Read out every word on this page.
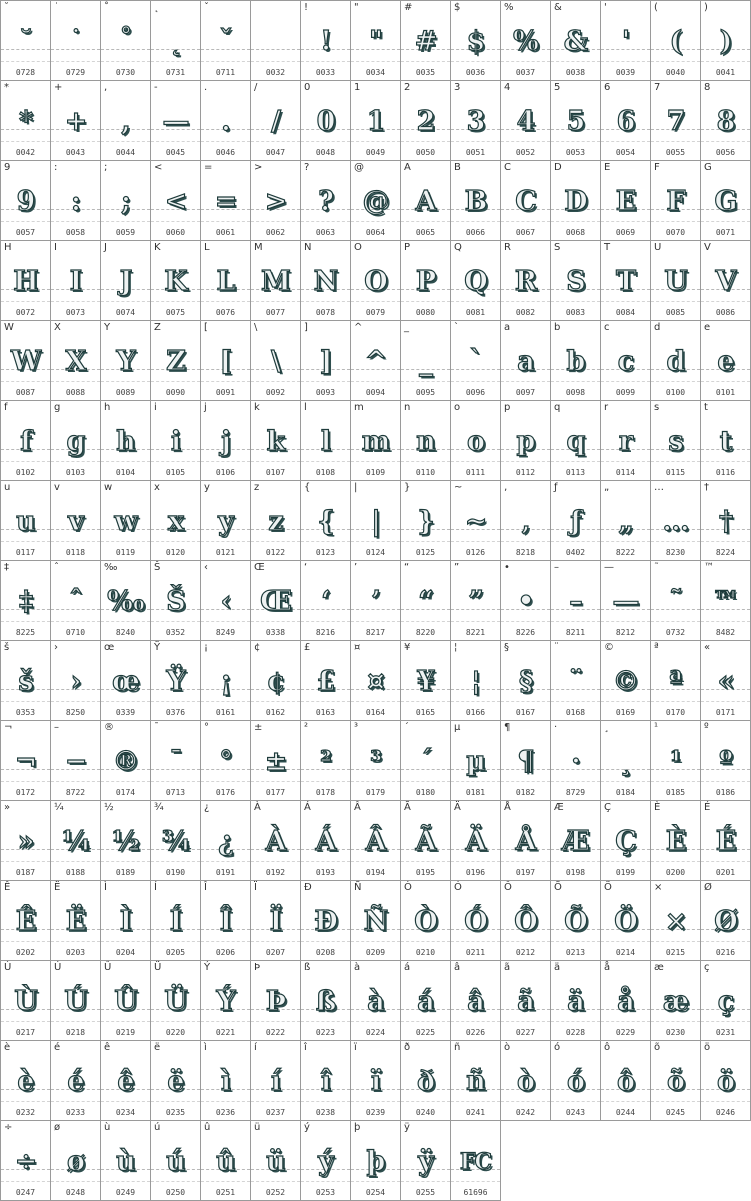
˘
˘
0728
˙
˙
0729
˚
˚
0730
˛
˛
0731
ˇ
ˇ
0711	0032
!
!
0033
"
"
0034
#
#
0035
$
$
0036
%
%
0037
&
&
0038
'
'
0039
(
(
0040
)
)
0041
*
*
0042
+
+
0043
,
,
0044
-
—
0045
.
.
0046
/
/
0047
0
0
0048
1
1
0049
2
2
0050
3
3
0051
4
4
0052
5
5
0053
6
6
0054
7
7
0055
8
8
0056
9
9
0057
:
:
0058
;
;
0059
<
<
0060
=
=
0061
>
>
0062
?
?
0063
@
@
0064
A
A
0065
B
B
0066
C
C
0067
D
D
0068
E
E
0069
F
F
0070
G
G
0071
H
H
0072
I
I
0073
J
J
0074
K
K
0075
L
L
0076
M
M
0077
N
N
0078
O
O
0079
P
P
0080
Q
Q
0081
R
R
0082
S
S
0083
T
T
0084
U
U
0085
V
V
0086
W
W
0087
X
X
0088
Y
Y
0089
Z
Z
0090
[
[
0091
\
\
0092
]
]
0093
^
^
0094
_
_
0095
`
`
0096
a
a
0097
b
b
0098
c
c
0099
d
d
0100
e
e
0101
f
f
0102
g
g
0103
h
h
0104
i
i
0105
j
j
0106
k
k
0107
l
l
0108
m
m
0109
n
n
0110
o
o
0111
p
p
0112
q
q
0113
r
r
0114
s
s
0115
t
t
0116
u
u
0117
v
v
0118
w
w
0119
x
x
0120
y
y
0121
z
z
0122
{
{
0123
|
|
0124
}
}
0125
~
~
0126
‚
‚
8218
ƒ
ƒ
0402
„
„
8222
…
…
8230
†
†
8224
‡
‡
8225
ˆ
ˆ
0710
‰
‰
8240
Š
Š
0352
‹
‹
8249
Œ
Œ
0338
‘
‘
8216
’
’
8217
“
“
8220
”
”
8221
•
•
8226
–
–
8211
—
—
8212
˜
˜
0732
™
™
8482
š
š
0353
›
›
8250
œ
œ
0339
Ÿ
Ÿ
0376
¡
¡
0161
¢
¢
0162
£
£
0163
¤
¤
0164
¥
¥
0165
¦
¦
0166
§
§
0167
¨
¨
0168
©
©
0169
ª
ª
0170
«
«
0171
¬
¬
0172
–
−
8722
®
®
0174
¯
¯
0713
°
°
0176
±
±
0177
²
²
0178
³
³
0179
´
´
0180
µ
µ
0181
¶
¶
0182
·
·
8729
¸
¸
0184
¹
¹
0185
º
º
0186
»
»
0187
¼
¼
0188
½
½
0189
¾
¾
0190
¿
¿
0191
À
À
0192
Á
Á
0193
Â
Â
0194
Ã
Ã
0195
Ä
Ä
0196
Å
Å
0197
Æ
Æ
0198
Ç
Ç
0199
È
È
0200
É
É
0201
Ê
Ê
0202
Ë
Ë
0203
Ì
Ì
0204
Í
Í
0205
Î
Î
0206
Ï
Ï
0207
Ð
Ð
0208
Ñ
Ñ
0209
Ò
Ò
0210
Ó
Ó
0211
Ô
Ô
0212
Õ
Õ
0213
Ö
Ö
0214
×
×
0215
Ø
Ø
0216
Ù
Ù
0217
Ú
Ú
0218
Û
Û
0219
Ü
Ü
0220
Ý
Ý
0221
Þ
Þ
0222
ß
ß
0223
à
à
0224
á
á
0225
â
â
0226
ã
ã
0227
ä
ä
0228
å
å
0229
æ
æ
0230
ç
ç
0231
è
è
0232
é
é
0233
ê
ê
0234
ë
ë
0235
ì
ì
0236
í
í
0237
î
î
0238
ï
ï
0239
ð
ð
0240
ñ
ñ
0241
ò
ò
0242
ó
ó
0243
ô
ô
0244
õ
õ
0245
ö
ö
0246
÷
÷
0247
ø
ø
0248
ù
ù
0249
ú
ú
0250
û
û
0251
ü
ü
0252
ý
ý
0253
þ
þ
0254
ÿ
ÿ
0255
FC
61696
